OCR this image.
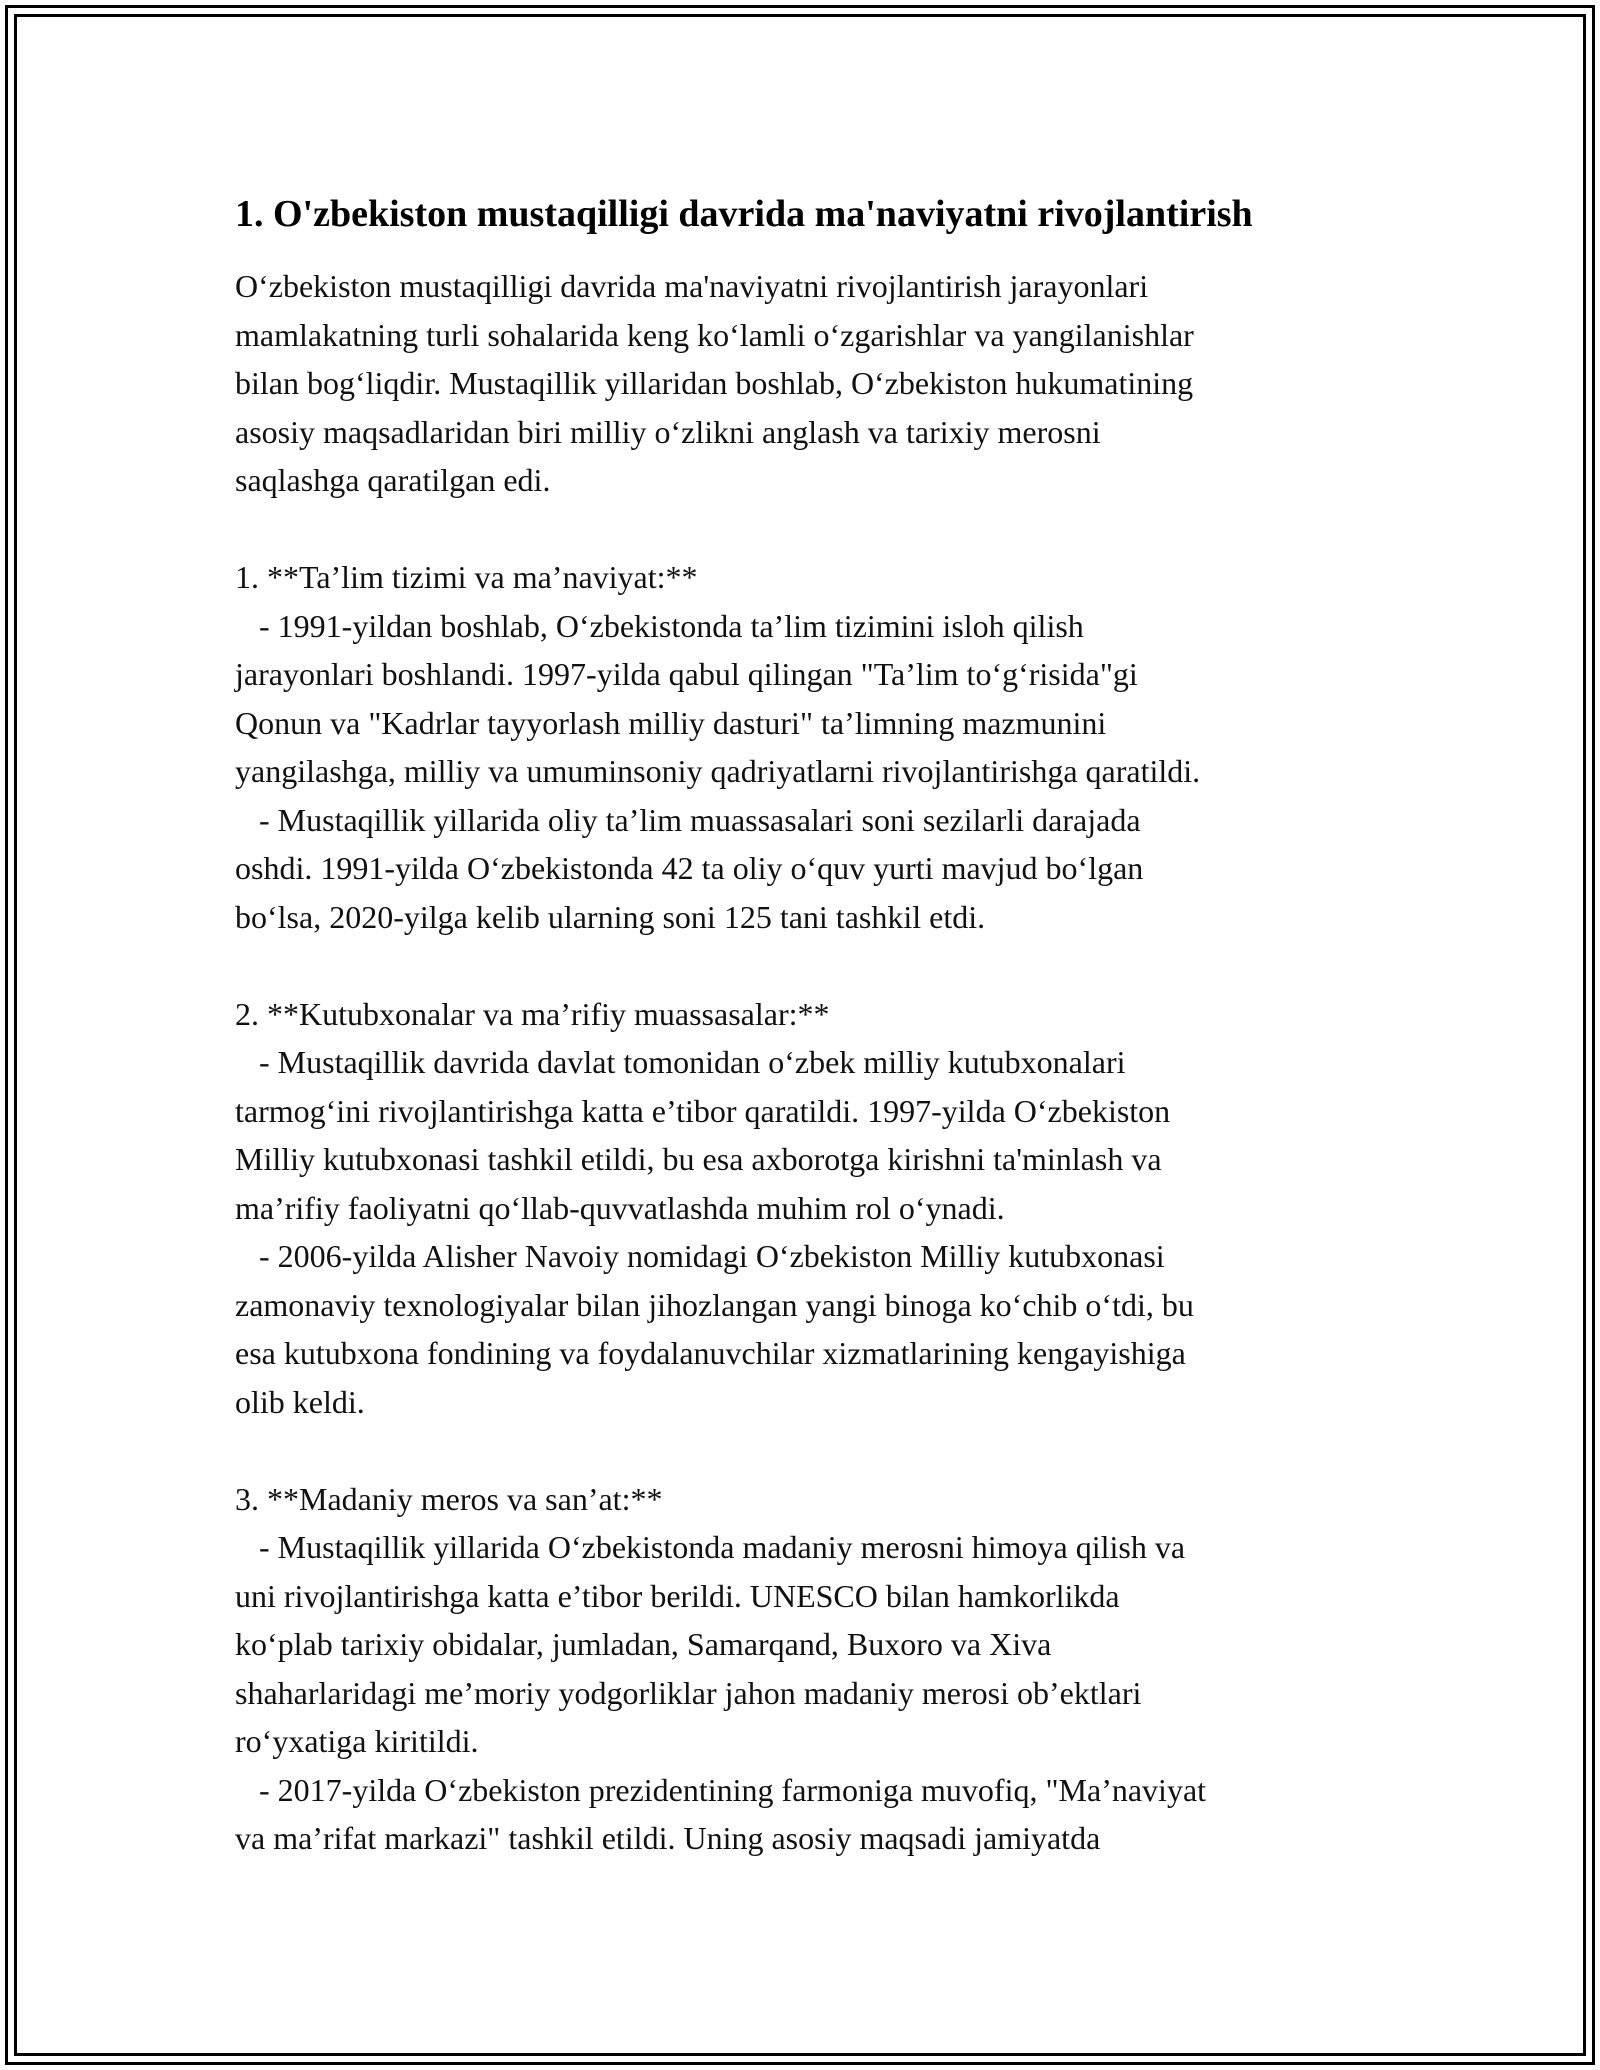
1. O'zbekiston mustaqilligi davrida ma'naviyatni rivojlantirish
O‘zbekiston mustaqilligi davrida ma'naviyatni rivojlantirish jarayonlari
mamlakatning turli sohalarida keng ko‘lamli o‘zgarishlar va yangilanishlar
bilan bog‘liqdir. Mustaqillik yillaridan boshlab, O‘zbekiston hukumatining
asosiy maqsadlaridan biri milliy o‘zlikni anglash va tarixiy merosni
saqlashga qaratilgan edi.
1. **Ta’lim tizimi va ma’naviyat:**
- 1991-yildan boshlab, O‘zbekistonda ta’lim tizimini isloh qilish
jarayonlari boshlandi. 1997-yilda qabul qilingan "Ta’lim to‘g‘risida"gi
Qonun va "Kadrlar tayyorlash milliy dasturi" ta’limning mazmunini
yangilashga, milliy va umuminsoniy qadriyatlarni rivojlantirishga qaratildi.
- Mustaqillik yillarida oliy ta’lim muassasalari soni sezilarli darajada
oshdi. 1991-yilda O‘zbekistonda 42 ta oliy o‘quv yurti mavjud bo‘lgan
bo‘lsa, 2020-yilga kelib ularning soni 125 tani tashkil etdi.
2. **Kutubxonalar va ma’rifiy muassasalar:**
- Mustaqillik davrida davlat tomonidan o‘zbek milliy kutubxonalari
tarmog‘ini rivojlantirishga katta e’tibor qaratildi. 1997-yilda O‘zbekiston
Milliy kutubxonasi tashkil etildi, bu esa axborotga kirishni ta'minlash va
ma’rifiy faoliyatni qo‘llab-quvvatlashda muhim rol o‘ynadi.
- 2006-yilda Alisher Navoiy nomidagi O‘zbekiston Milliy kutubxonasi
zamonaviy texnologiyalar bilan jihozlangan yangi binoga ko‘chib o‘tdi, bu
esa kutubxona fondining va foydalanuvchilar xizmatlarining kengayishiga
olib keldi.
3. **Madaniy meros va san’at:**
- Mustaqillik yillarida O‘zbekistonda madaniy merosni himoya qilish va
uni rivojlantirishga katta e’tibor berildi. UNESCO bilan hamkorlikda
ko‘plab tarixiy obidalar, jumladan, Samarqand, Buxoro va Xiva
shaharlaridagi me’moriy yodgorliklar jahon madaniy merosi ob’ektlari
ro‘yxatiga kiritildi.
- 2017-yilda O‘zbekiston prezidentining farmoniga muvofiq, "Ma’naviyat
va ma’rifat markazi" tashkil etildi. Uning asosiy maqsadi jamiyatda
